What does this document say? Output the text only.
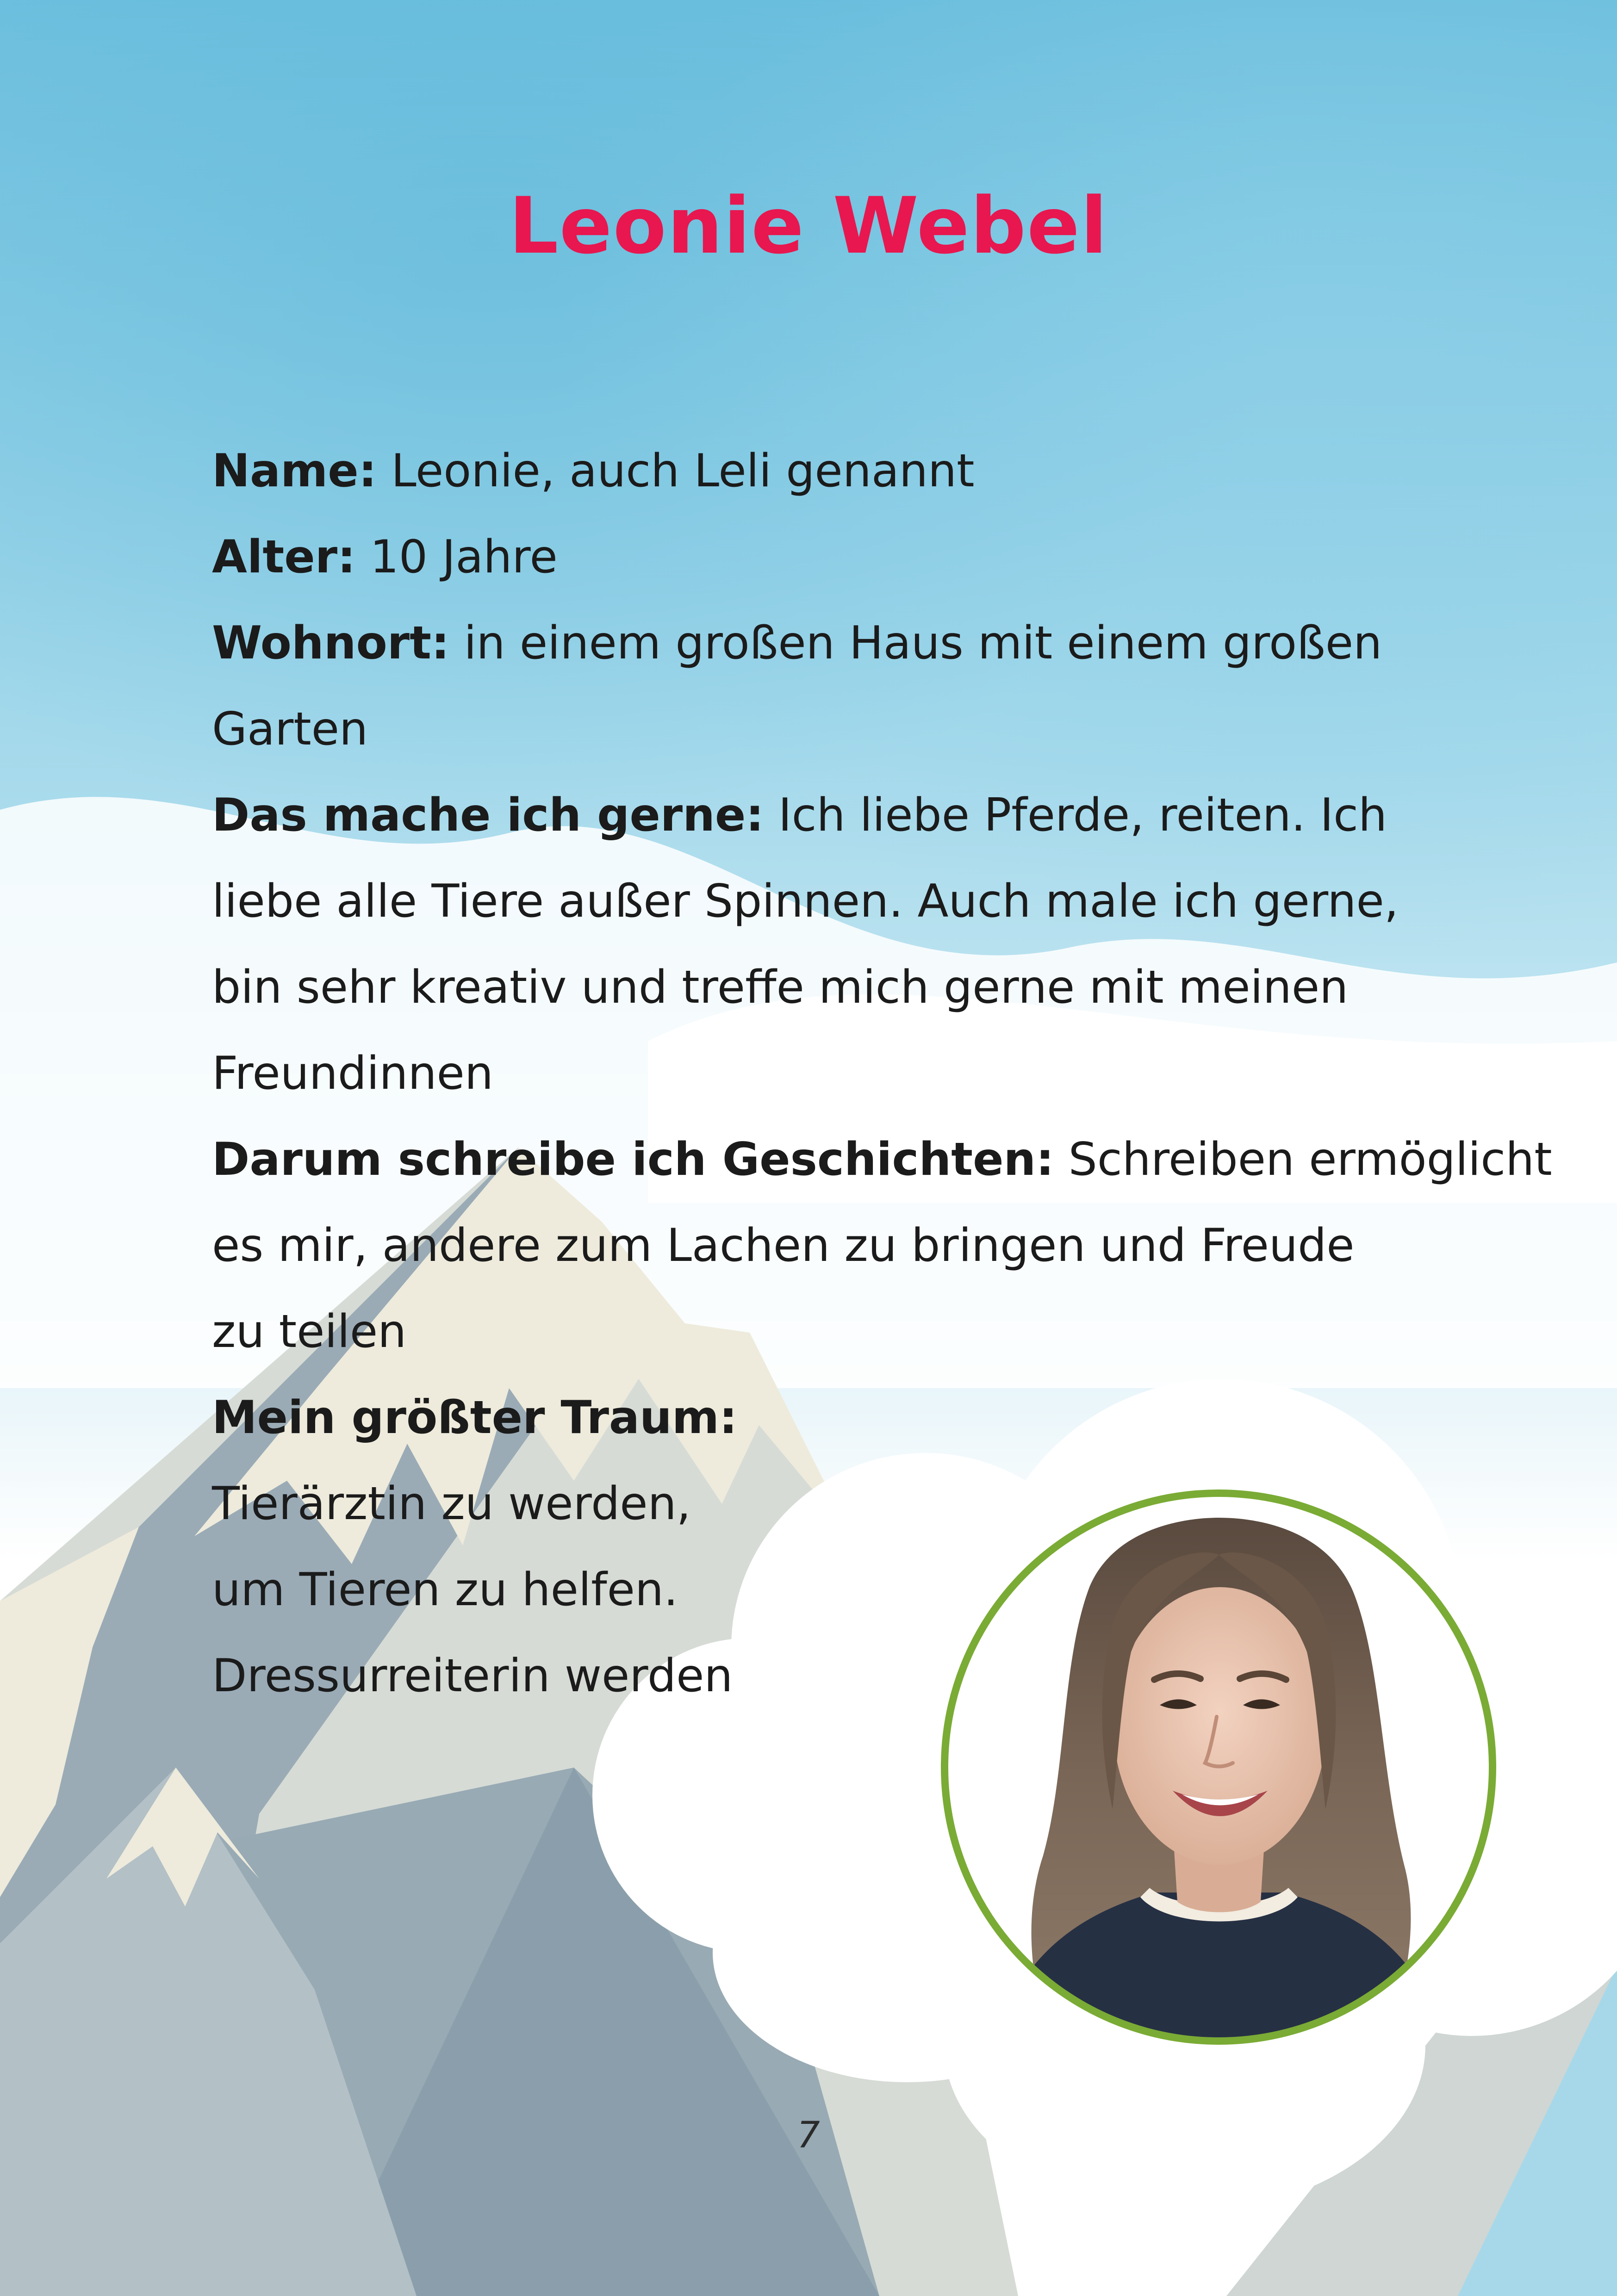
Leonie Webel
Name: Leonie, auch Leli genannt
Alter: 10 Jahre
Wohnort: in einem großen Haus mit einem großen
Garten
Das mache ich gerne: Ich liebe Pferde, reiten. Ich
liebe alle Tiere außer Spinnen. Auch male ich gerne,
bin sehr kreativ und treffe mich gerne mit meinen
Freundinnen
Darum schreibe ich Geschichten: Schreiben ermöglicht
es mir, andere zum Lachen zu bringen und Freude
zu teilen
Mein größter Traum:
Tierärztin zu werden,
um Tieren zu helfen.
Dressurreiterin werden
7
